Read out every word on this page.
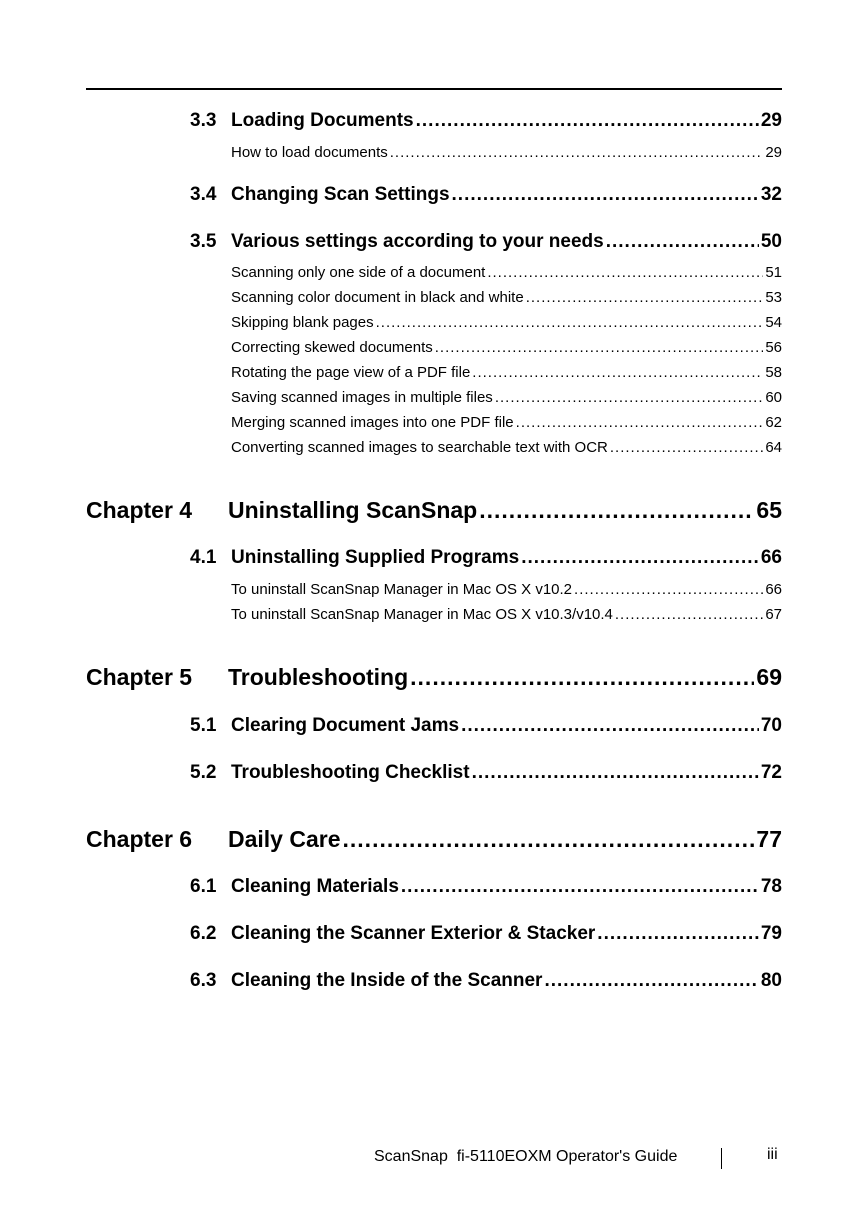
3.3 Loading Documents .....	29
How to load documents .....	29
3.4 Changing Scan Settings .....	32
3.5 Various settings according to your needs .....	50
Scanning only one side of a document .....	51
Scanning color document in black and white .....	53
Skipping blank pages .....	54
Correcting skewed documents .....	56
Rotating the page view of a PDF file .....	58
Saving scanned images in multiple files .....	60
Merging scanned images into one PDF file .....	62
Converting scanned images to searchable text with OCR .....	64
Chapter 4 Uninstalling ScanSnap .....	65
4.1 Uninstalling Supplied Programs .....	66
To uninstall ScanSnap Manager in Mac OS X v10.2 .....	66
To uninstall ScanSnap Manager in Mac OS X v10.3/v10.4 .....	67
Chapter 5 Troubleshooting .....	69
5.1 Clearing Document Jams .....	70
5.2 Troubleshooting Checklist .....	72
Chapter 6 Daily Care .....	77
6.1 Cleaning Materials .....	78
6.2 Cleaning the Scanner Exterior & Stacker .....	79
6.3 Cleaning the Inside of the Scanner .....	80
ScanSnap  fi-5110EOXM Operator's Guide	iii
